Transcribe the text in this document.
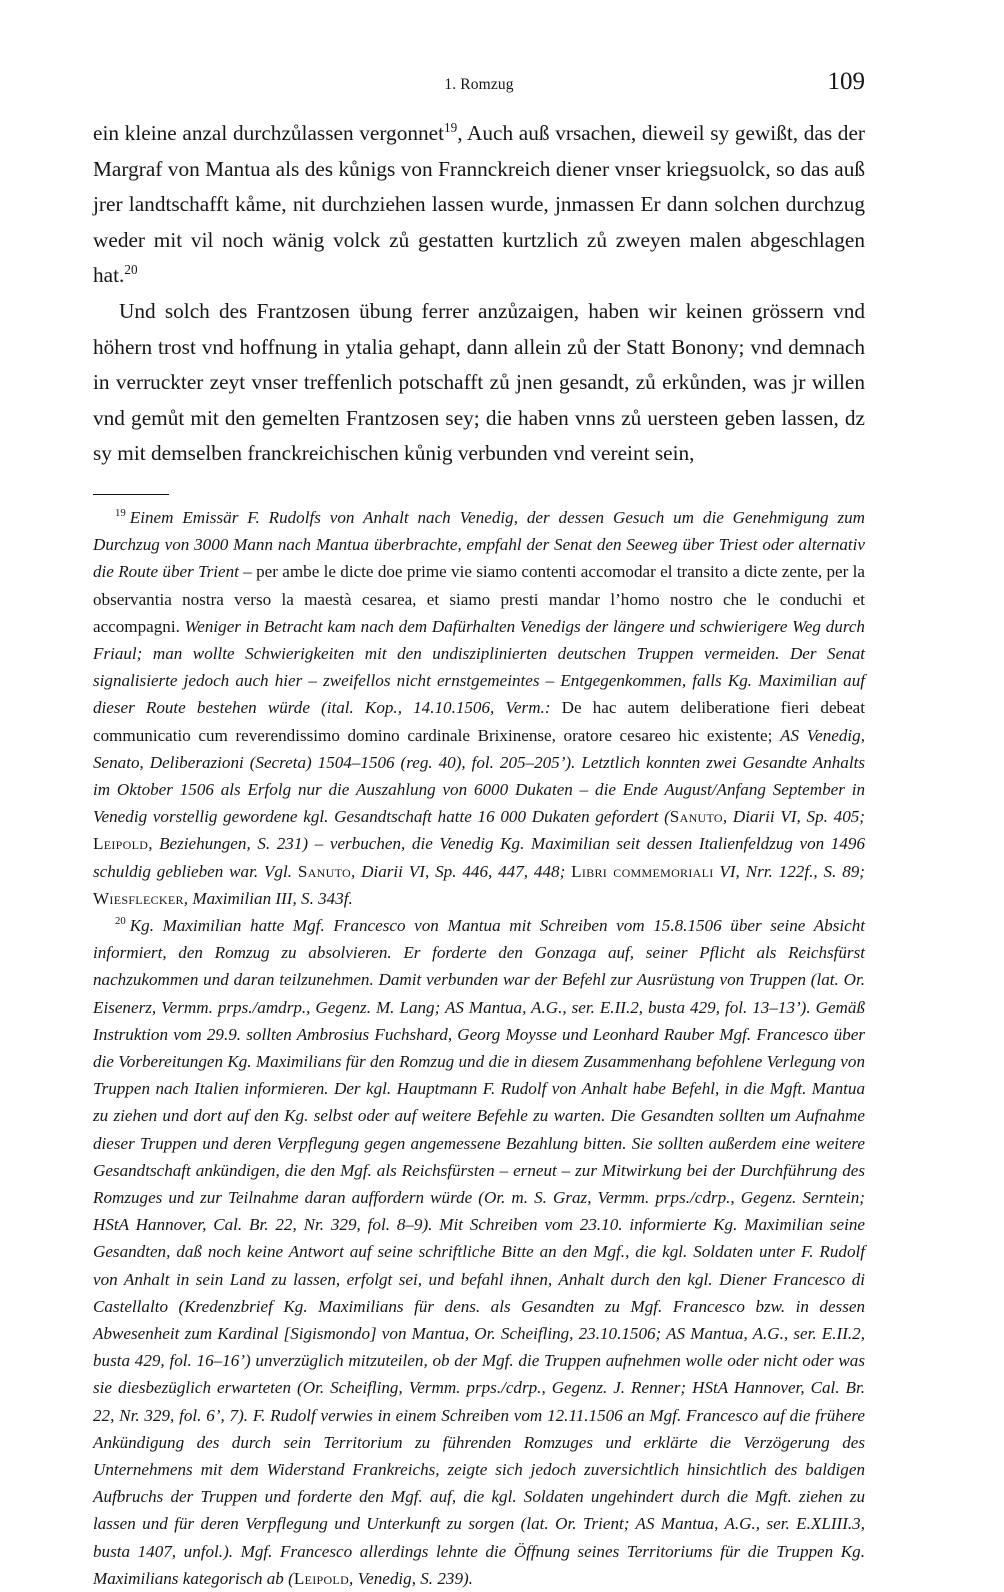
1. Romzug	109

ein kleine anzal durchzůlassen vergonnet$^{19}$, Auch auß vrsachen, dieweil sy gewißt, das der Margraf von Mantua als des kůnigs von Frannckreich diener vnser kriegsuolck, so das auß jrer landtschafft kåme, nit durchziehen lassen wurde, jnmassen Er dann solchen durchzug weder mit vil noch wänig volck zů gestatten kurtzlich zů zweyen malen abgeschlagen hat.$^{20}$

Und solch des Frantzosen übung ferrer anzůzaigen, haben wir keinen grössern vnd höhern trost vnd hoffnung in ytalia gehapt, dann allein zů der Statt Bonony; vnd demnach in verruckter zeyt vnser treffenlich potschafft zů jnen gesandt, zů erkůnden, was jr willen vnd gemůt mit den gemelten Frantzosen sey; die haben vnns zů uersteen geben lassen, dz sy mit demselben franckreichischen kůnig verbunden vnd vereint sein,

$^{19}$ Einem Emissär F. Rudolfs von Anhalt nach Venedig, der dessen Gesuch um die Genehmigung zum Durchzug von 3000 Mann nach Mantua überbrachte, empfahl der Senat den Seeweg über Triest oder alternativ die Route über Trient – per ambe le dicte doe prime vie siamo contenti accomodar el transito a dicte zente, per la observantia nostra verso la maestà cesarea, et siamo presti mandar l’homo nostro che le conduchi et accompagni. Weniger in Betracht kam nach dem Dafürhalten Venedigs der längere und schwierigere Weg durch Friaul; man wollte Schwierigkeiten mit den undisziplinierten deutschen Truppen vermeiden. Der Senat signalisierte jedoch auch hier – zweifellos nicht ernstgemeintes – Entgegenkommen, falls Kg. Maximilian auf dieser Route bestehen würde (ital. Kop., 14.10.1506, Verm.: De hac autem deliberatione fieri debeat communicatio cum reverendissimo domino cardinale Brixinense, oratore cesareo hic existente; AS Venedig, Senato, Deliberazioni (Secreta) 1504–1506 (reg. 40), fol. 205–205’). Letztlich konnten zwei Gesandte Anhalts im Oktober 1506 als Erfolg nur die Auszahlung von 6000 Dukaten – die Ende August/Anfang September in Venedig vorstellig gewordene kgl. Gesandtschaft hatte 16 000 Dukaten gefordert (Sanuto, Diarii VI, Sp. 405; Leipold, Beziehungen, S. 231) – verbuchen, die Venedig Kg. Maximilian seit dessen Italienfeldzug von 1496 schuldig geblieben war. Vgl. Sanuto, Diarii VI, Sp. 446, 447, 448; Libri commemoriali VI, Nrr. 122f., S. 89; Wiesflecker, Maximilian III, S. 343f.

$^{20}$ Kg. Maximilian hatte Mgf. Francesco von Mantua mit Schreiben vom 15.8.1506 über seine Absicht informiert, den Romzug zu absolvieren. Er forderte den Gonzaga auf, seiner Pflicht als Reichsfürst nachzukommen und daran teilzunehmen. Damit verbunden war der Befehl zur Ausrüstung von Truppen (lat. Or. Eisenerz, Vermm. prps./amdrp., Gegenz. M. Lang; AS Mantua, A.G., ser. E.II.2, busta 429, fol. 13–13’). Gemäß Instruktion vom 29.9. sollten Ambrosius Fuchshard, Georg Moysse und Leonhard Rauber Mgf. Francesco über die Vorbereitungen Kg. Maximilians für den Romzug und die in diesem Zusammenhang befohlene Verlegung von Truppen nach Italien informieren. Der kgl. Hauptmann F. Rudolf von Anhalt habe Befehl, in die Mgft. Mantua zu ziehen und dort auf den Kg. selbst oder auf weitere Befehle zu warten. Die Gesandten sollten um Aufnahme dieser Truppen und deren Verpflegung gegen angemessene Bezahlung bitten. Sie sollten außerdem eine weitere Gesandtschaft ankündigen, die den Mgf. als Reichsfürsten – erneut – zur Mitwirkung bei der Durchführung des Romzuges und zur Teilnahme daran auffordern würde (Or. m. S. Graz, Vermm. prps./cdrp., Gegenz. Serntein; HStA Hannover, Cal. Br. 22, Nr. 329, fol. 8–9). Mit Schreiben vom 23.10. informierte Kg. Maximilian seine Gesandten, daß noch keine Antwort auf seine schriftliche Bitte an den Mgf., die kgl. Soldaten unter F. Rudolf von Anhalt in sein Land zu lassen, erfolgt sei, und befahl ihnen, Anhalt durch den kgl. Diener Francesco di Castellalto (Kredenzbrief Kg. Maximilians für dens. als Gesandten zu Mgf. Francesco bzw. in dessen Abwesenheit zum Kardinal [Sigismondo] von Mantua, Or. Scheifling, 23.10.1506; AS Mantua, A.G., ser. E.II.2, busta 429, fol. 16–16’) unverzüglich mitzuteilen, ob der Mgf. die Truppen aufnehmen wolle oder nicht oder was sie diesbezüglich erwarteten (Or. Scheifling, Vermm. prps./cdrp., Gegenz. J. Renner; HStA Hannover, Cal. Br. 22, Nr. 329, fol. 6’, 7). F. Rudolf verwies in einem Schreiben vom 12.11.1506 an Mgf. Francesco auf die frühere Ankündigung des durch sein Territorium zu führenden Romzuges und erklärte die Verzögerung des Unternehmens mit dem Widerstand Frankreichs, zeigte sich jedoch zuversichtlich hinsichtlich des baldigen Aufbruchs der Truppen und forderte den Mgf. auf, die kgl. Soldaten ungehindert durch die Mgft. ziehen zu lassen und für deren Verpflegung und Unterkunft zu sorgen (lat. Or. Trient; AS Mantua, A.G., ser. E.XLIII.3, busta 1407, unfol.). Mgf. Francesco allerdings lehnte die Öffnung seines Territoriums für die Truppen Kg. Maximilians kategorisch ab (Leipold, Venedig, S. 239).
